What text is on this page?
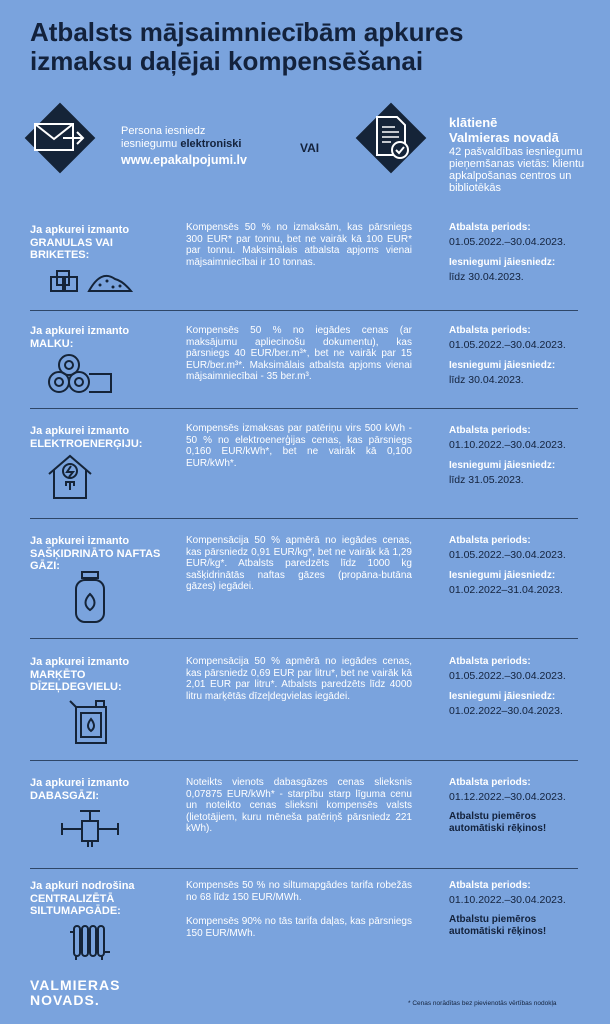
Atbalsts mājsaimniecībām apkures
izmaksu daļējai kompensēšanai
Persona iesniedz
iesniegumu elektroniski
www.epakalpojumi.lv
VAI
klātienē
Valmieras novadā
42 pašvaldības iesniegumu pieņemšanas vietās: klientu apkalpošanas centros un bibliotēkās
Ja apkurei izmanto GRANULAS VAI BRIKETES:
Kompensēs 50 % no izmaksām, kas pārsniegs 300 EUR* par tonnu, bet ne vairāk kā 100 EUR* par tonnu. Maksimālais atbalsta apjoms vienai mājsaimniecībai ir 10 tonnas.
Atbalsta periods:
01.05.2022.–30.04.2023.
Iesniegumi jāiesniedz:
līdz 30.04.2023.
Ja apkurei izmanto MALKU:
Kompensēs 50 % no iegādes cenas (ar maksājumu apliecinošu dokumentu), kas pārsniegs 40 EUR/ber.m³*, bet ne vairāk par 15 EUR/ber.m³*. Maksimālais atbalsta apjoms vienai mājsaimniecībai - 35 ber.m³.
Atbalsta periods:
01.05.2022.–30.04.2023.
Iesniegumi jāiesniedz:
līdz 30.04.2023.
Ja apkurei izmanto ELEKTROENERĢIJU:
Kompensēs izmaksas par patēriņu virs 500 kWh - 50 % no elektroenerģijas cenas, kas pārsniegs 0,160 EUR/kWh*, bet ne vairāk kā 0,100 EUR/kWh*.
Atbalsta periods:
01.10.2022.–30.04.2023.
Iesniegumi jāiesniedz:
līdz 31.05.2023.
Ja apkurei izmanto SAŠĶIDRINĀTO NAFTAS GĀZI:
Kompensācija 50 % apmērā no iegādes cenas, kas pārsniedz 0,91 EUR/kg*, bet ne vairāk kā 1,29 EUR/kg*. Atbalsts paredzēts līdz 1000 kg sašķidrinātās naftas gāzes (propāna-butāna gāzes) iegādei.
Atbalsta periods:
01.05.2022.–30.04.2023.
Iesniegumi jāiesniedz:
01.02.2022–31.04.2023.
Ja apkurei izmanto MARĶĒTO DĪZEĻDEGVIELU:
Kompensācija 50 % apmērā no iegādes cenas, kas pārsniedz 0,69 EUR par litru*, bet ne vairāk kā 2,01 EUR par litru*. Atbalsts paredzēts līdz 4000 litru marķētās dīzeļdegvielas iegādei.
Atbalsta periods:
01.05.2022.–30.04.2023.
Iesniegumi jāiesniedz:
01.02.2022–30.04.2023.
Ja apkurei izmanto DABASGĀZI:
Noteikts vienots dabasgāzes cenas slieksnis 0,07875 EUR/kWh* - starpību starp līguma cenu un noteikto cenas slieksni kompensēs valsts (lietotājiem, kuru mēneša patēriņš pārsniedz 221 kWh).
Atbalsta periods:
01.12.2022.–30.04.2023.
Atbalstu piemēros automātiski rēķinos!
Ja apkuri nodrošina CENTRALIZĒTĀ SILTUMAPGĀDE:
Kompensēs 50 % no siltumapgādes tarifa robežās no 68 līdz 150 EUR/MWh.
Kompensēs 90% no tās tarifa daļas, kas pārsniegs 150 EUR/MWh.
Atbalsta periods:
01.10.2022.–30.04.2023.
Atbalstu piemēros automātiski rēķinos!
VALMIERAS
NOVADS.	* Cenas norādītas bez pievienotās vērtības nodokļa
